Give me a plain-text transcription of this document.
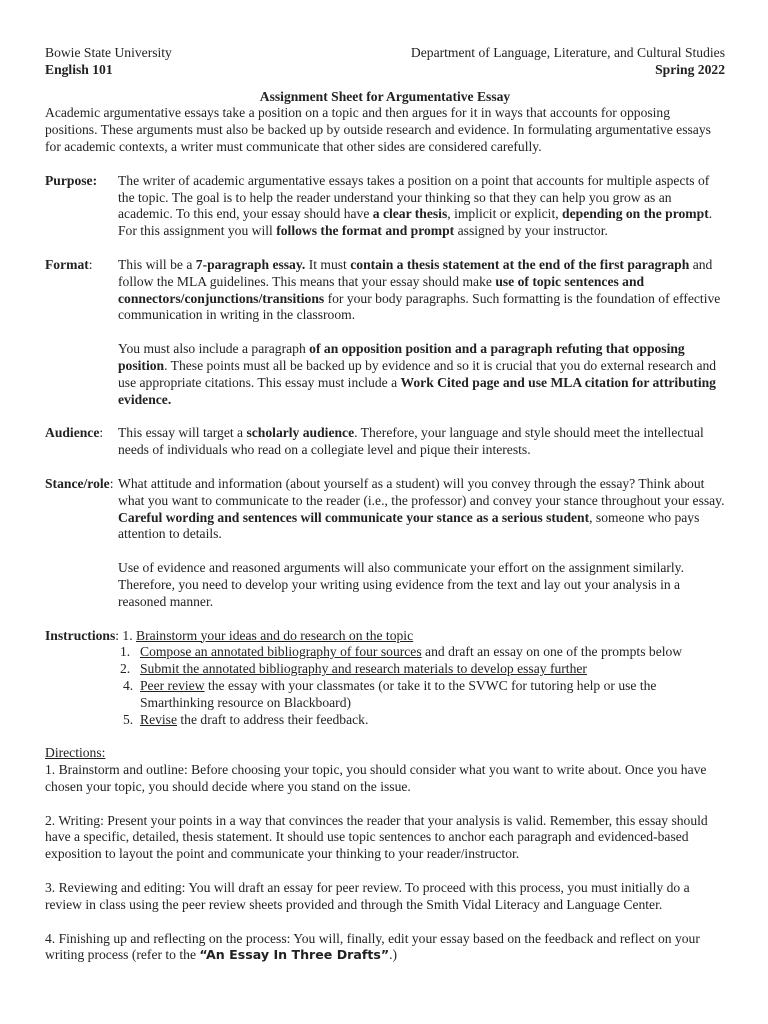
Bowie State University	Department of Language, Literature, and Cultural Studies
English 101	Spring 2022
Assignment Sheet for Argumentative Essay
Academic argumentative essays take a position on a topic and then argues for it in ways that accounts for opposing positions. These arguments must also be backed up by outside research and evidence. In formulating argumentative essays for academic contexts, a writer must communicate that other sides are considered carefully.
Purpose:	The writer of academic argumentative essays takes a position on a point that accounts for multiple aspects of the topic. The goal is to help the reader understand your thinking so that they can help you grow as an academic. To this end, your essay should have a clear thesis, implicit or explicit, depending on the prompt. For this assignment you will follows the format and prompt assigned by your instructor.

Format:	This will be a 7-paragraph essay. It must contain a thesis statement at the end of the first paragraph and follow the MLA guidelines. This means that your essay should make use of topic sentences and connectors/conjunctions/transitions for your body paragraphs. Such formatting is the foundation of effective communication in writing in the classroom.

You must also include a paragraph of an opposition position and a paragraph refuting that opposing position. These points must all be backed up by evidence and so it is crucial that you do external research and use appropriate citations. This essay must include a Work Cited page and use MLA citation for attributing evidence.

Audience:	This essay will target a scholarly audience. Therefore, your language and style should meet the intellectual needs of individuals who read on a collegiate level and pique their interests.

Stance/role: What attitude and information (about yourself as a student) will you convey through the essay? Think about what you want to communicate to the reader (i.e., the professor) and convey your stance throughout your essay. Careful wording and sentences will communicate your stance as a serious student, someone who pays attention to details.

Use of evidence and reasoned arguments will also communicate your effort on the assignment similarly. Therefore, you need to develop your writing using evidence from the text and lay out your analysis in a reasoned manner.

Instructions: 1. Brainstorm your ideas and do research on the topic
1. Compose an annotated bibliography of four sources and draft an essay on one of the prompts below
2. Submit the annotated bibliography and research materials to develop essay further
4. Peer review the essay with your classmates (or take it to the SVWC for tutoring help or use the Smarthinking resource on Blackboard)
5. Revise the draft to address their feedback.

Directions:

1. Brainstorm and outline: Before choosing your topic, you should consider what you want to write about. Once you have chosen your topic, you should decide where you stand on the issue.

2. Writing: Present your points in a way that convinces the reader that your analysis is valid. Remember, this essay should have a specific, detailed, thesis statement. It should use topic sentences to anchor each paragraph and evidenced-based exposition to layout the point and communicate your thinking to your reader/instructor.

3. Reviewing and editing: You will draft an essay for peer review. To proceed with this process, you must initially do a review in class using the peer review sheets provided and through the Smith Vidal Literacy and Language Center.

4. Finishing up and reflecting on the process: You will, finally, edit your essay based on the feedback and reflect on your writing process (refer to the “An Essay In Three Drafts”.)
